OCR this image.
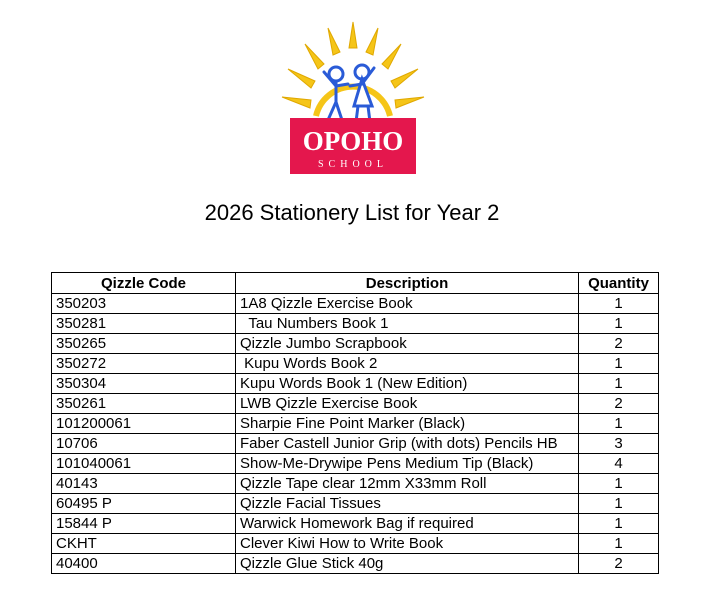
OPOHO
SCHOOL
2026 Stationery List for Year 2
Qizzle Code	Description	Quantity
350203	1A8 Qizzle Exercise Book	1
350281	Tau Numbers Book 1	1
350265	Qizzle Jumbo Scrapbook	2
350272	Kupu Words Book 2	1
350304	Kupu Words Book 1 (New Edition)	1
350261	LWB Qizzle Exercise Book	2
101200061	Sharpie Fine Point Marker (Black)	1
10706	Faber Castell Junior Grip (with dots) Pencils HB	3
101040061	Show-Me-Drywipe Pens Medium Tip (Black)	4
40143	Qizzle Tape clear 12mm X33mm Roll	1
60495 P	Qizzle Facial Tissues	1
15844 P	Warwick Homework Bag if required	1
CKHT	Clever Kiwi How to Write Book	1
40400	Qizzle Glue Stick 40g	2
